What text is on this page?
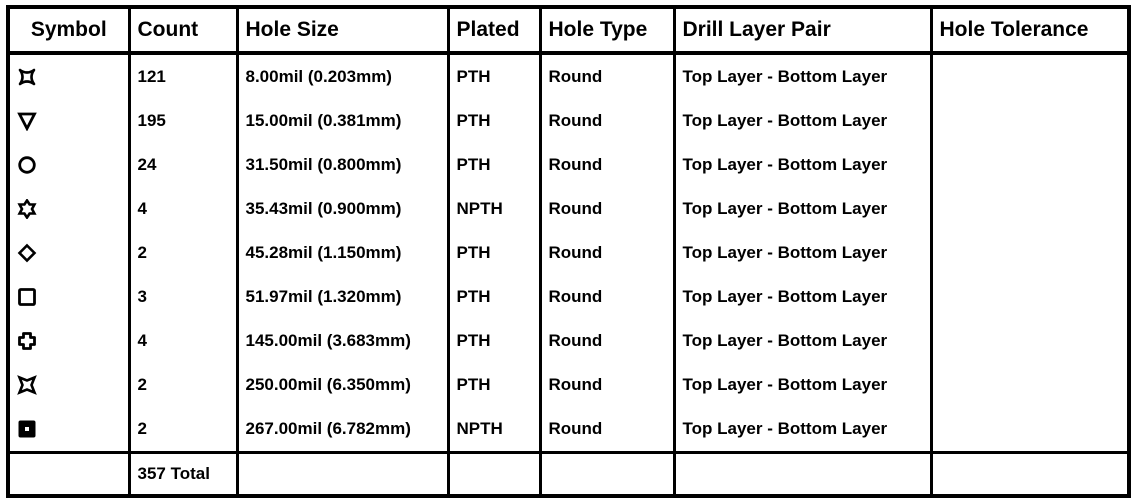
Symbol	Count	Hole Size	Plated	Hole Type	Drill Layer Pair	Hole Tolerance

	121	8.00mil (0.203mm)	PTH	Round	Top Layer - Bottom Layer	

	195	15.00mil (0.381mm)	PTH	Round	Top Layer - Bottom Layer	

	24	31.50mil (0.800mm)	PTH	Round	Top Layer - Bottom Layer	

	4	35.43mil (0.900mm)	NPTH	Round	Top Layer - Bottom Layer	

	2	45.28mil (1.150mm)	PTH	Round	Top Layer - Bottom Layer	

	3	51.97mil (1.320mm)	PTH	Round	Top Layer - Bottom Layer	

	4	145.00mil (3.683mm)	PTH	Round	Top Layer - Bottom Layer	

	2	250.00mil (6.350mm)	PTH	Round	Top Layer - Bottom Layer	

	2	267.00mil (6.782mm)	NPTH	Round	Top Layer - Bottom Layer	
	357 Total					
